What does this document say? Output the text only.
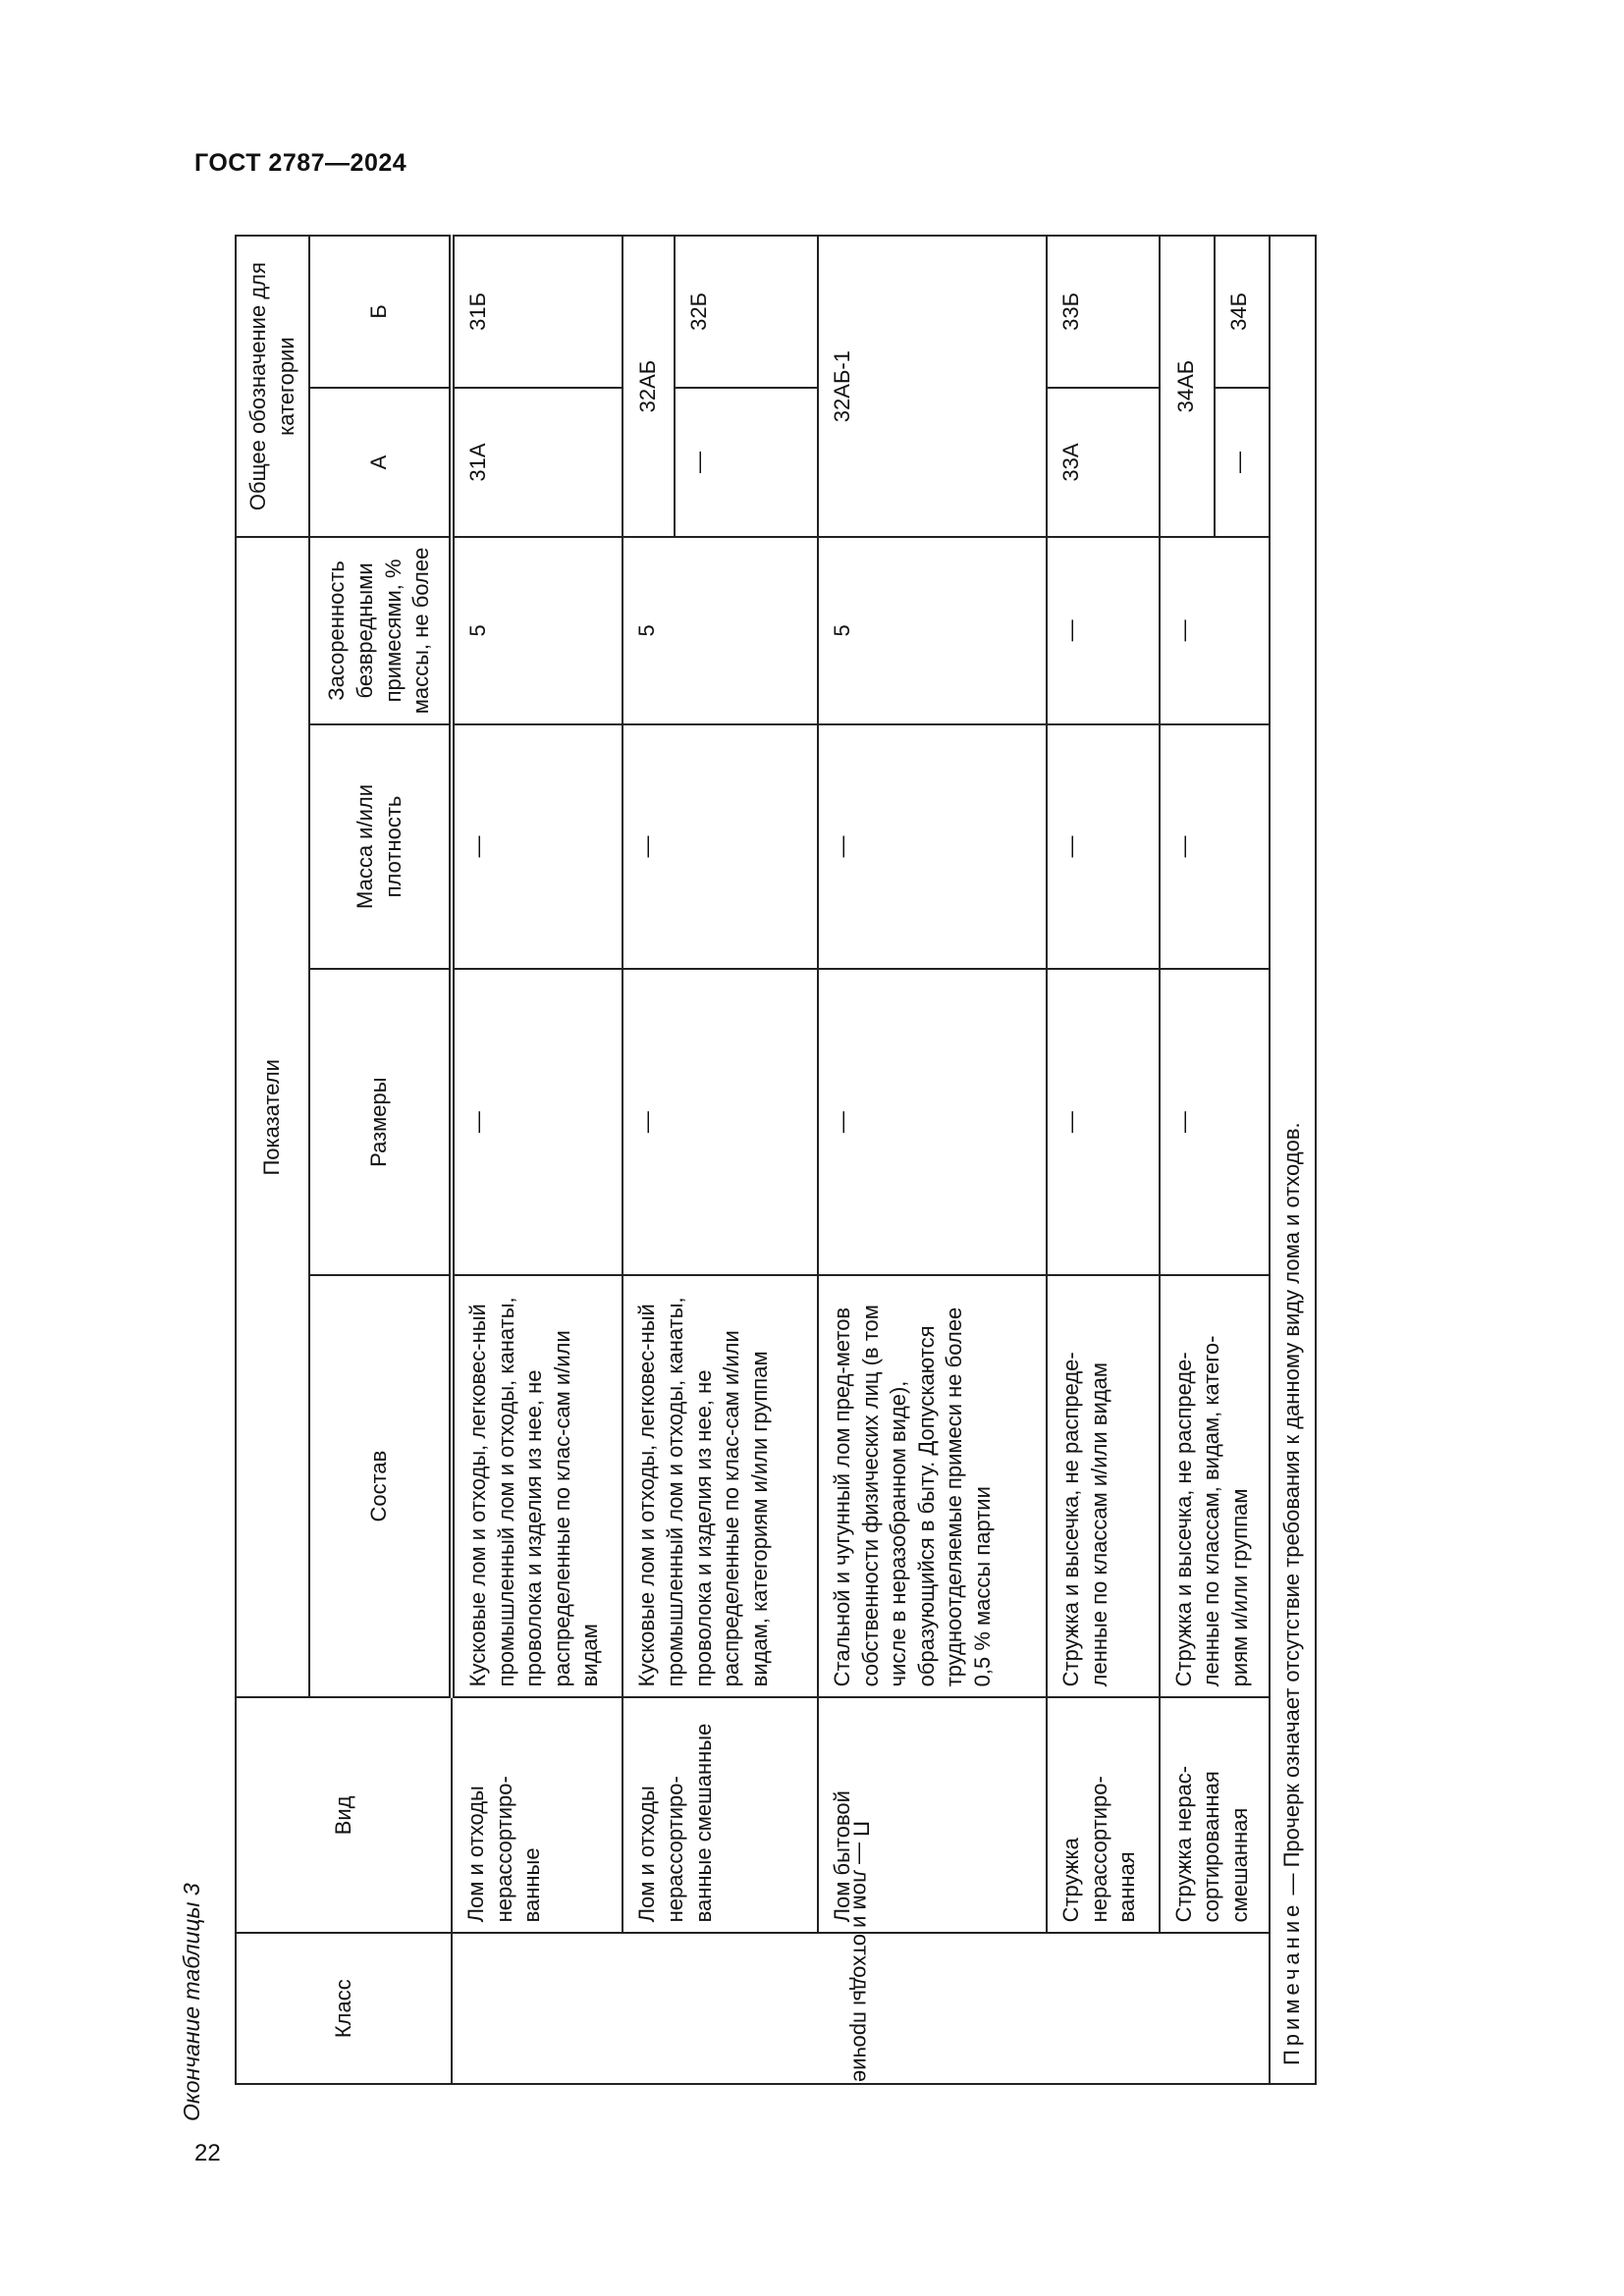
ГОСТ 2787—2024
Окончание таблицы 3
22
Класс	Вид	Показатели				Общее обозначение для категории	
		Состав	Размеры	Масса и/или плотность	Засоренность безвредными примесями, % массы, не более	А	Б
П — лом и отходы прочие	Лом и отходы нерассортиро-ванные	Кусковые лом и отходы, легковес-ный промышленный лом и отходы, канаты, проволока и изделия из нее, не распределенные по клас-сам и/или видам	—	—	5	31А	31Б
	Лом и отходы нерассортиро-ванные смешанные	Кусковые лом и отходы, легковес-ный промышленный лом и отходы, канаты, проволока и изделия из нее, не распределенные по клас-сам и/или видам, категориям и/или группам	—	—	5	32АБ	
						—	32Б
	Лом бытовой	Стальной и чугунный лом пред-метов собственности физических лиц (в том числе в неразобранном виде), образующийся в быту. Допускаются трудноотделяемые примеси не более 0,5 % массы партии	—	—	5	32АБ-1	
	Стружка нерассортиро-ванная	Стружка и высечка, не распреде-ленные по классам и/или видам	—	—	—	33А	33Б
	Стружка нерас-сортированная смешанная	Стружка и высечка, не распреде-ленные по классам, видам, катего-риям и/или группам	—	—	—	34АБ	
						—	34Б
Примечание — Прочерк означает отсутствие требования к данному виду лома и отходов.							
